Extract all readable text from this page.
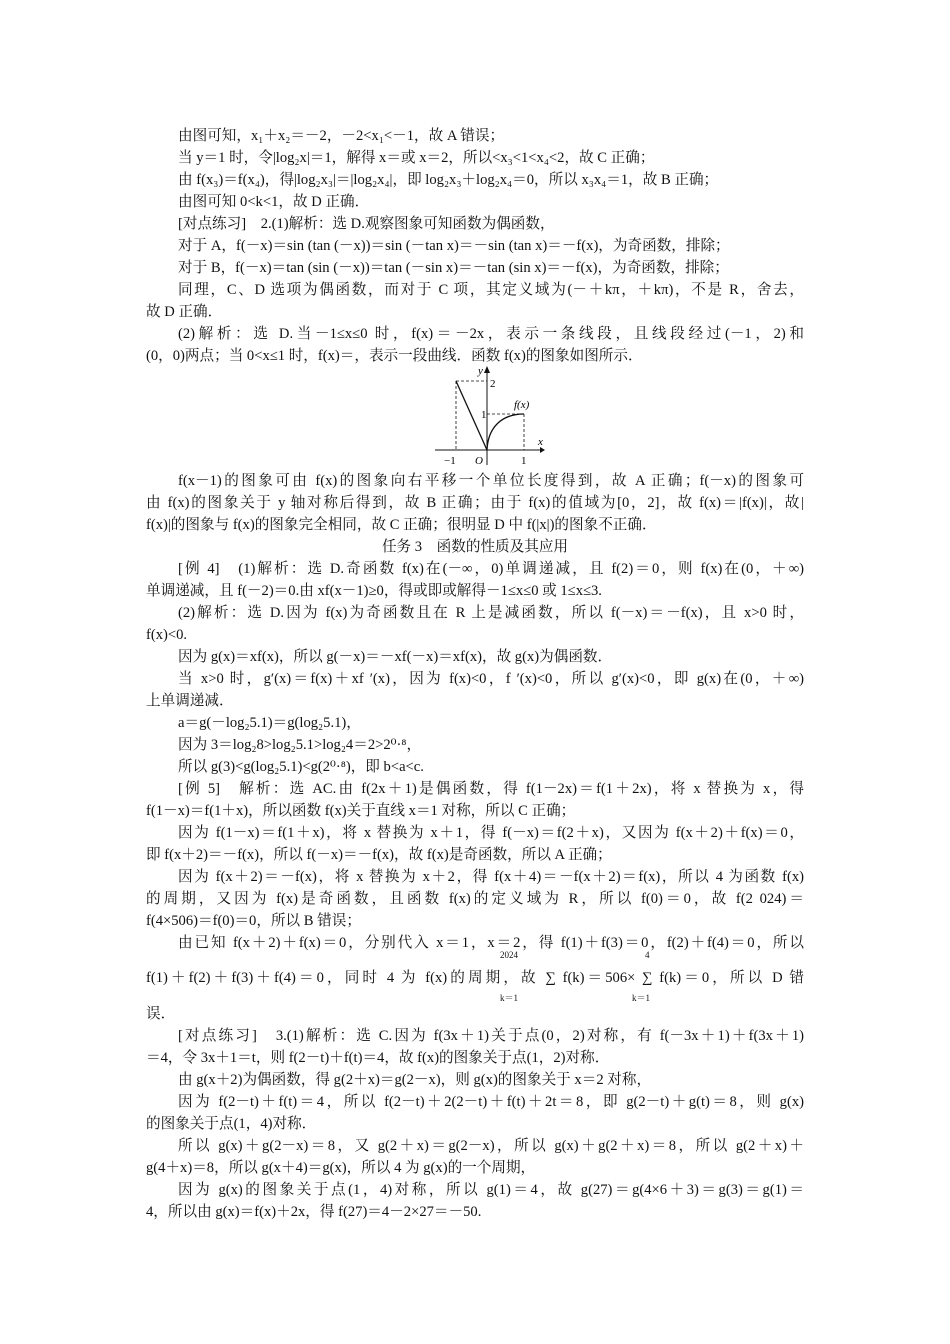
由图可知，x₁＋x₂＝－2，－2<x₁<－1，故 A 错误；
当 y＝1 时，令|log₂x|＝1，解得 x＝或 x＝2，所以<x₃<1<x₄<2，故 C 正确；
由 f(x₃)＝f(x₄)，得|log₂x₃|＝|log₂x₄|，即 log₂x₃＋log₂x₄＝0，所以 x₃x₄＝1，故 B 正确；
由图可知 0<k<1，故 D 正确．
[对点练习]　2.(1)解析：选 D.观察图象可知函数为偶函数，
对于 A，f(－x)＝sin (tan (－x))＝sin (－tan x)＝－sin (tan x)＝－f(x)，为奇函数，排除；
对于 B，f(－x)＝tan (sin (－x))＝tan (－sin x)＝－tan (sin x)＝－f(x)，为奇函数，排除；
同理，C、D 选项为偶函数，而对于 C 项，其定义域为(－＋kπ，＋kπ)，不是 R，舍去，
故 D 正确．
(2)解析：选 D.当－1≤x≤0 时，f(x)＝－2x，表示一条线段，且线段经过(－1，2)和
(0，0)两点；当 0<x≤1 时，f(x)＝，表示一段曲线．函数 f(x)的图象如图所示．
y
x
2
1
f(x)
−1 O	1
f(x－1)的图象可由 f(x)的图象向右平移一个单位长度得到，故 A 正确；f(－x)的图象可
由 f(x)的图象关于 y 轴对称后得到，故 B 正确；由于 f(x)的值域为[0，2]，故 f(x)＝|f(x)|，故|
f(x)|的图象与 f(x)的图象完全相同，故 C 正确；很明显 D 中 f(|x|)的图象不正确．
任务 3　函数的性质及其应用
[例 4]　(1)解析：选 D.奇函数 f(x)在(－∞，0)单调递减，且 f(2)＝0，则 f(x)在(0，＋∞)
单调递减，且 f(－2)＝0.由 xf(x－1)≥0，得或即或解得－1≤x≤0 或 1≤x≤3.
(2)解析：选 D.因为 f(x)为奇函数且在 R 上是减函数，所以 f(－x)＝－f(x)，且 x>0 时，
f(x)<0.
因为 g(x)＝xf(x)，所以 g(－x)＝－xf(－x)＝xf(x)，故 g(x)为偶函数．
当 x>0 时，g′(x)＝f(x)＋xf ′(x)，因为 f(x)<0，f ′(x)<0，所以 g′(x)<0，即 g(x)在(0，＋∞)
上单调递减．
a＝g(－log₂5.1)＝g(log₂5.1)，
因为 3＝log₂8>log₂5.1>log₂4＝2>2⁰·⁸，
所以 g(3)<g(log₂5.1)<g(2⁰·⁸)，即 b<a<c.
[例 5]　解析：选 AC.由 f(2x＋1)是偶函数，得 f(1－2x)＝f(1＋2x)，将 x 替换为 x，得
f(1－x)＝f(1＋x)，所以函数 f(x)关于直线 x＝1 对称，所以 C 正确；
因为 f(1－x)＝f(1＋x)，将 x 替换为 x＋1，得 f(－x)＝f(2＋x)，又因为 f(x＋2)＋f(x)＝0，
即 f(x＋2)＝－f(x)，所以 f(－x)＝－f(x)，故 f(x)是奇函数，所以 A 正确；
因为 f(x＋2)＝－f(x)，将 x 替换为 x＋2，得 f(x＋4)＝－f(x＋2)＝f(x)，所以 4 为函数 f(x)
的周期，又因为 f(x)是奇函数，且函数 f(x)的定义域为 R，所以 f(0)＝0，故 f(2 024)＝
f(4×506)＝f(0)＝0，所以 B 错误；
由已知 f(x＋2)＋f(x)＝0，分别代入 x＝1，x＝2，得 f(1)＋f(3)＝0，f(2)＋f(4)＝0，所以
2024
k＝1
4
k＝1
f(1)＋f(2)＋f(3)＋f(4)＝0，同时 4 为 f(x)的周期，故 ∑ f(k)＝506× ∑ f(k)＝0，所以 D 错
误．
[对点练习]　3.(1)解析：选 C.因为 f(3x＋1)关于点(0，2)对称，有 f(－3x＋1)＋f(3x＋1)
＝4，令 3x＋1＝t，则 f(2－t)＋f(t)＝4，故 f(x)的图象关于点(1，2)对称．
由 g(x＋2)为偶函数，得 g(2＋x)＝g(2－x)，则 g(x)的图象关于 x＝2 对称，
因为 f(2－t)＋f(t)＝4，所以 f(2－t)＋2(2－t)＋f(t)＋2t＝8，即 g(2－t)＋g(t)＝8，则 g(x)
的图象关于点(1，4)对称．
所以 g(x)＋g(2－x)＝8，又 g(2＋x)＝g(2－x)，所以 g(x)＋g(2＋x)＝8，所以 g(2＋x)＋
g(4＋x)＝8，所以 g(x＋4)＝g(x)，所以 4 为 g(x)的一个周期，
因为 g(x)的图象关于点(1，4)对称，所以 g(1)＝4，故 g(27)＝g(4×6＋3)＝g(3)＝g(1)＝
4，所以由 g(x)＝f(x)＋2x，得 f(27)＝4－2×27＝－50.
